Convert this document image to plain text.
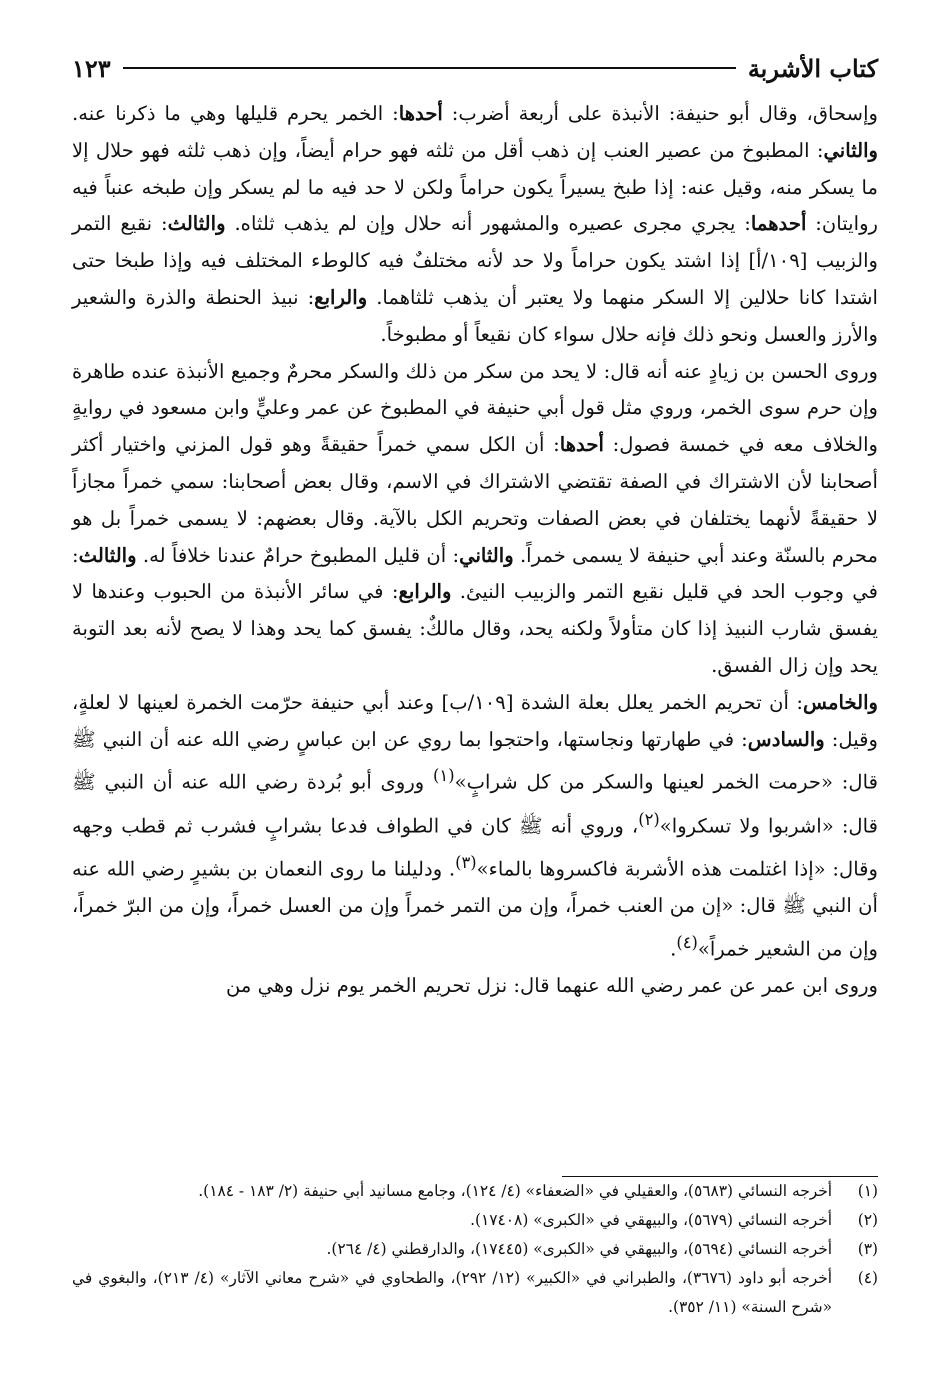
كتاب الأشربة
١٢٣

وإسحاق، وقال أبو حنيفة: الأنبذة على أربعة أضرب: أحدها: الخمر يحرم قليلها وهي ما ذكرنا عنه. والثاني: المطبوخ من عصير العنب إن ذهب أقل من ثلثه فهو حرام أيضاً، وإن ذهب ثلثه فهو حلال إلا ما يسكر منه، وقيل عنه: إذا طبخ يسيراً يكون حراماً ولكن لا حد فيه ما لم يسكر وإن طبخه عنباً فيه روايتان: أحدهما: يجري مجرى عصيره والمشهور أنه حلال وإن لم يذهب ثلثاه. والثالث: نقيع التمر والزبيب [١٠٩/أ] إذا اشتد يكون حراماً ولا حد لأنه مختلفٌ فيه كالوطء المختلف فيه وإذا طبخا حتى اشتدا كانا حلالين إلا السكر منهما ولا يعتبر أن يذهب ثلثاهما. والرابع: نبيذ الحنطة والذرة والشعير والأرز والعسل ونحو ذلك فإنه حلال سواء كان نقيعاً أو مطبوخاً.

وروى الحسن بن زيادٍ عنه أنه قال: لا يحد من سكر من ذلك والسكر محرمٌ وجميع الأنبذة عنده طاهرة وإن حرم سوى الخمر، وروي مثل قول أبي حنيفة في المطبوخ عن عمر وعليٍّ وابن مسعود في روايةٍ والخلاف معه في خمسة فصول: أحدها: أن الكل سمي خمراً حقيقةً وهو قول المزني واختيار أكثر أصحابنا لأن الاشتراك في الصفة تقتضي الاشتراك في الاسم، وقال بعض أصحابنا: سمي خمراً مجازاً لا حقيقةً لأنهما يختلفان في بعض الصفات وتحريم الكل بالآية. وقال بعضهم: لا يسمى خمراً بل هو محرم بالسنّة وعند أبي حنيفة لا يسمى خمراً. والثاني: أن قليل المطبوخ حرامٌ عندنا خلافاً له. والثالث: في وجوب الحد في قليل نقيع التمر والزبيب النيئ. والرابع: في سائر الأنبذة من الحبوب وعندها لا يفسق شارب النبيذ إذا كان متأولاً ولكنه يحد، وقال مالكٌ: يفسق كما يحد وهذا لا يصح لأنه بعد التوبة يحد وإن زال الفسق.

والخامس: أن تحريم الخمر يعلل بعلة الشدة [١٠٩/ب] وعند أبي حنيفة حرّمت الخمرة لعينها لا لعلةٍ، وقيل: والسادس: في طهارتها ونجاستها، واحتجوا بما روي عن ابن عباسٍ رضي الله عنه أن النبي ﷺ قال: «حرمت الخمر لعينها والسكر من كل شرابٍ»$^{(١)}$ وروى أبو بُردة رضي الله عنه أن النبي ﷺ قال: «اشربوا ولا تسكروا»$^{(٢)}$، وروي أنه ﷺ كان في الطواف فدعا بشرابٍ فشرب ثم قطب وجهه وقال: «إذا اغتلمت هذه الأشربة فاكسروها بالماء»$^{(٣)}$. ودليلنا ما روى النعمان بن بشيرٍ رضي الله عنه أن النبي ﷺ قال: «إن من العنب خمراً، وإن من التمر خمراً وإن من العسل خمراً، وإن من البرّ خمراً، وإن من الشعير خمراً»$^{(٤)}$.

وروى ابن عمر عن عمر رضي الله عنهما قال: نزل تحريم الخمر يوم نزل وهي من

(١)
أخرجه النسائي (٥٦٨٣)، والعقيلي في «الضعفاء» (٤/ ١٢٤)، وجامع مسانيد أبي حنيفة (٢/ ١٨٣ - ١٨٤).
(٢)
أخرجه النسائي (٥٦٧٩)، والبيهقي في «الكبرى» (١٧٤٠٨).
(٣)
أخرجه النسائي (٥٦٩٤)، والبيهقي في «الكبرى» (١٧٤٤٥)، والدارقطني (٤/ ٢٦٤).
(٤)
أخرجه أبو داود (٣٦٧٦)، والطبراني في «الكبير» (١٢/ ٢٩٢)، والطحاوي في «شرح معاني الآثار» (٤/ ٢١٣)، والبغوي في «شرح السنة» (١١/ ٣٥٢).
